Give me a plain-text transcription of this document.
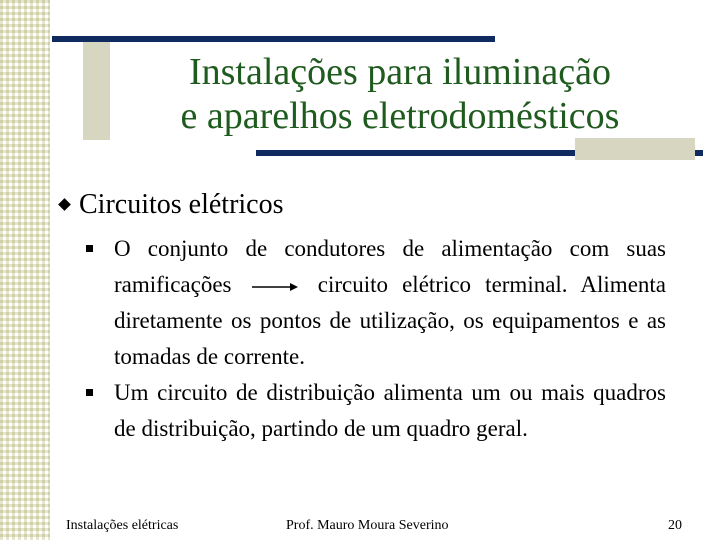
Instalações para iluminação
e aparelhos eletrodomésticos
Circuitos elétricos
O conjunto de condutores de alimentação com suas ramificações	circuito elétrico terminal. Alimenta diretamente os pontos de utilização, os equipamentos e as tomadas de corrente.
Um circuito de distribuição alimenta um ou mais quadros de distribuição, partindo de um quadro geral.
Instalações elétricas	Prof. Mauro Moura Severino	20
